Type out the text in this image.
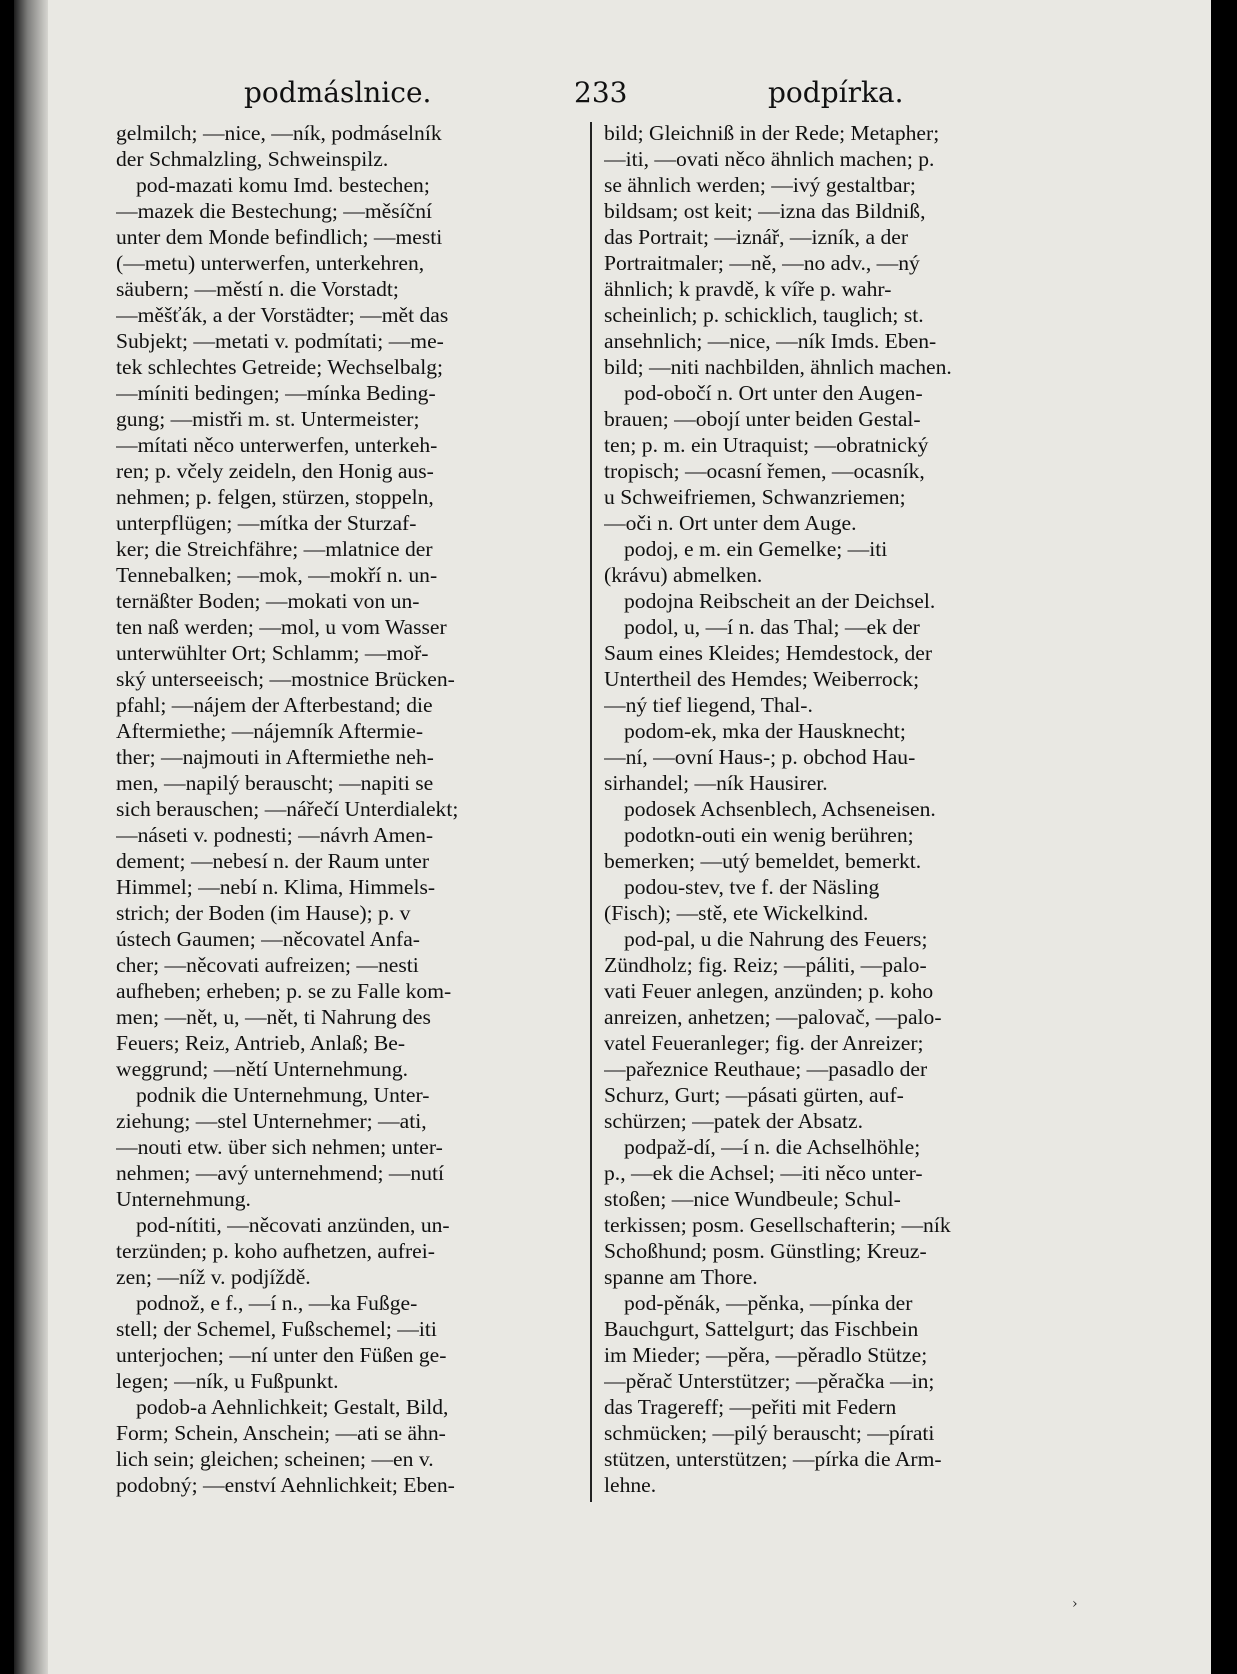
podmáslnice.	233	podpírka.
gelmilch; —nice, —ník, podmáselník
der Schmalzling, Schweinspilz.
pod-mazati komu Imd. bestechen;
—mazek die Bestechung; —měsíční
unter dem Monde befindlich; —mesti
(—metu) unterwerfen, unterkehren,
säubern; —městí n. die Vorstadt;
—měšťák, a der Vorstädter; —mět das
Subjekt; —metati v. podmítati; —me-
tek schlechtes Getreide; Wechselbalg;
—míniti bedingen; —mínka Beding-
gung; —mistři m. st. Untermeister;
—mítati něco unterwerfen, unterkeh-
ren; p. včely zeideln, den Honig aus-
nehmen; p. felgen, stürzen, stoppeln,
unterpflügen; —mítka der Sturzaf-
ker; die Streichfähre; —mlatnice der
Tennebalken; —mok, —mokří n. un-
ternäßter Boden; —mokati von un-
ten naß werden; —mol, u vom Wasser
unterwühlter Ort; Schlamm; —moř-
ský unterseeisch; —mostnice Brücken-
pfahl; —nájem der Afterbestand; die
Aftermiethe; —nájemník Aftermie-
ther; —najmouti in Aftermiethe neh-
men, —napilý berauscht; —napiti se
sich berauschen; —nářečí Unterdialekt;
—náseti v. podnesti; —návrh Amen-
dement; —nebesí n. der Raum unter
Himmel; —nebí n. Klima, Himmels-
strich; der Boden (im Hause); p. v
ústech Gaumen; —něcovatel Anfa-
cher; —něcovati aufreizen; —nesti
aufheben; erheben; p. se zu Falle kom-
men; —nět, u, —nět, ti Nahrung des
Feuers; Reiz, Antrieb, Anlaß; Be-
weggrund; —nětí Unternehmung.
podnik die Unternehmung, Unter-
ziehung; —stel Unternehmer; —ati,
—nouti etw. über sich nehmen; unter-
nehmen; —avý unternehmend; —nutí
Unternehmung.
pod-nítiti, —něcovati anzünden, un-
terzünden; p. koho aufhetzen, aufrei-
zen; —níž v. podjíždě.
podnož, e f., —í n., —ka Fußge-
stell; der Schemel, Fußschemel; —iti
unterjochen; —ní unter den Füßen ge-
legen; —ník, u Fußpunkt.
podob-a Aehnlichkeit; Gestalt, Bild,
Form; Schein, Anschein; —ati se ähn-
lich sein; gleichen; scheinen; —en v.
podobný; —enství Aehnlichkeit; Eben-
bild; Gleichniß in der Rede; Metapher;
—iti, —ovati něco ähnlich machen; p.
se ähnlich werden; —ivý gestaltbar;
bildsam; ost keit; —izna das Bildniß,
das Portrait; —iznář, —izník, a der
Portraitmaler; —ně, —no adv., —ný
ähnlich; k pravdě, k víře p. wahr-
scheinlich; p. schicklich, tauglich; st.
ansehnlich; —nice, —ník Imds. Eben-
bild; —niti nachbilden, ähnlich machen.
pod-obočí n. Ort unter den Augen-
brauen; —obojí unter beiden Gestal-
ten; p. m. ein Utraquist; —obratnický
tropisch; —ocasní řemen, —ocasník,
u Schweifriemen, Schwanzriemen;
—oči n. Ort unter dem Auge.
podoj, e m. ein Gemelke; —iti
(krávu) abmelken.
podojna Reibscheit an der Deichsel.
podol, u, —í n. das Thal; —ek der
Saum eines Kleides; Hemdestock, der
Untertheil des Hemdes; Weiberrock;
—ný tief liegend, Thal-.
podom-ek, mka der Hausknecht;
—ní, —ovní Haus-; p. obchod Hau-
sirhandel; —ník Hausirer.
podosek Achsenblech, Achseneisen.
podotkn-outi ein wenig berühren;
bemerken; —utý bemeldet, bemerkt.
podou-stev, tve f. der Näsling
(Fisch); —stě, ete Wickelkind.
pod-pal, u die Nahrung des Feuers;
Zündholz; fig. Reiz; —páliti, —palo-
vati Feuer anlegen, anzünden; p. koho
anreizen, anhetzen; —palovač, —palo-
vatel Feueranleger; fig. der Anreizer;
—pařeznice Reuthaue; —pasadlo der
Schurz, Gurt; —pásati gürten, auf-
schürzen; —patek der Absatz.
podpaž-dí, —í n. die Achselhöhle;
p., —ek die Achsel; —iti něco unter-
stoßen; —nice Wundbeule; Schul-
terkissen; posm. Gesellschafterin; —ník
Schoßhund; posm. Günstling; Kreuz-
spanne am Thore.
pod-pěnák, —pěnka, —pínka der
Bauchgurt, Sattelgurt; das Fischbein
im Mieder; —pěra, —pěradlo Stütze;
—pěrač Unterstützer; —pěračka —in;
das Tragereff; —peřiti mit Federn
schmücken; —pilý berauscht; —pírati
stützen, unterstützen; —pírka die Arm-
lehne.
›
